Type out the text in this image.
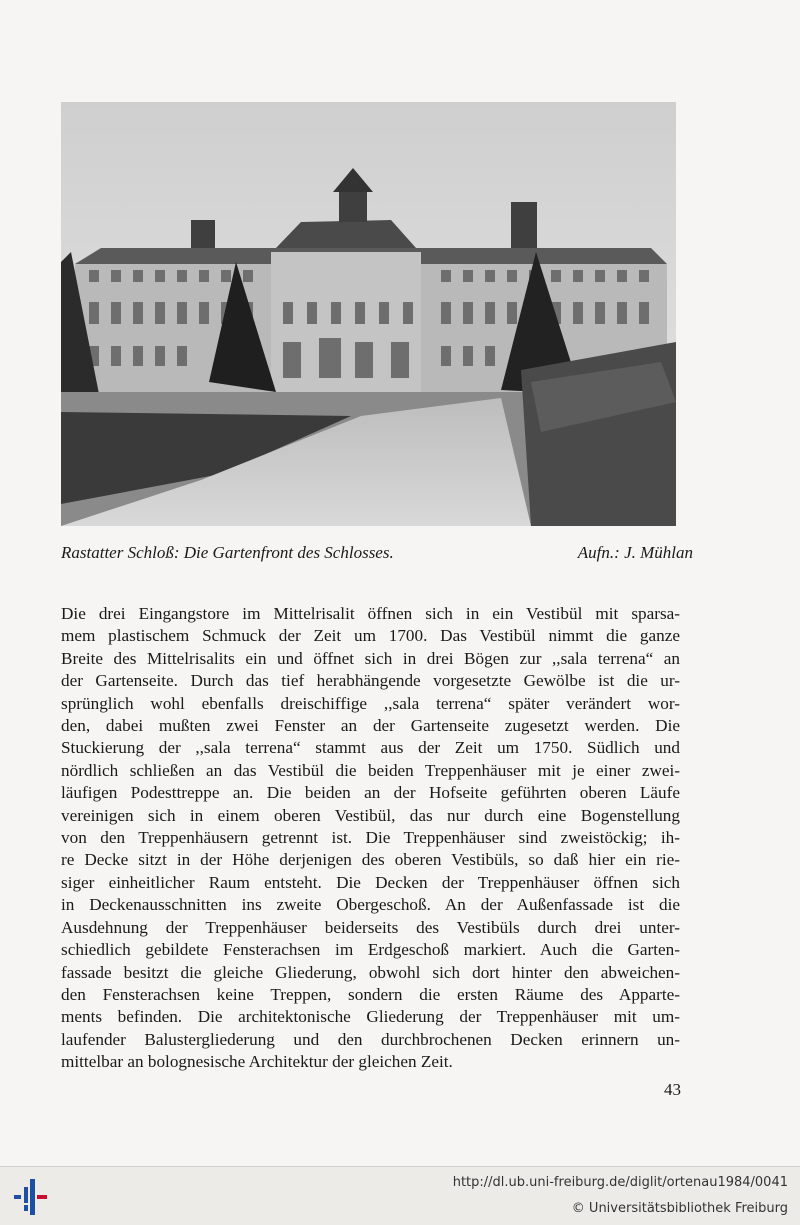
Rastatter Schloß: Die Gartenfront des Schlosses.	Aufn.: J. Mühlan
Die drei Eingangstore im Mittelrisalit öffnen sich in ein Vestibül mit sparsa-
mem plastischem Schmuck der Zeit um 1700. Das Vestibül nimmt die ganze
Breite des Mittelrisalits ein und öffnet sich in drei Bögen zur ,,sala terrena“ an
der Gartenseite. Durch das tief herabhängende vorgesetzte Gewölbe ist die ur-
sprünglich wohl ebenfalls dreischiffige ,,sala terrena“ später verändert wor-
den, dabei mußten zwei Fenster an der Gartenseite zugesetzt werden. Die
Stuckierung der ,,sala terrena“ stammt aus der Zeit um 1750. Südlich und
nördlich schließen an das Vestibül die beiden Treppenhäuser mit je einer zwei-
läufigen Podesttreppe an. Die beiden an der Hofseite geführten oberen Läufe
vereinigen sich in einem oberen Vestibül, das nur durch eine Bogenstellung
von den Treppenhäusern getrennt ist. Die Treppenhäuser sind zweistöckig; ih-
re Decke sitzt in der Höhe derjenigen des oberen Vestibüls, so daß hier ein rie-
siger einheitlicher Raum entsteht. Die Decken der Treppenhäuser öffnen sich
in Deckenausschnitten ins zweite Obergeschoß. An der Außenfassade ist die
Ausdehnung der Treppenhäuser beiderseits des Vestibüls durch drei unter-
schiedlich gebildete Fensterachsen im Erdgeschoß markiert. Auch die Garten-
fassade besitzt die gleiche Gliederung, obwohl sich dort hinter den abweichen-
den Fensterachsen keine Treppen, sondern die ersten Räume des Apparte-
ments befinden. Die architektonische Gliederung der Treppenhäuser mit um-
laufender Balustergliederung und den durchbrochenen Decken erinnern un-
mittelbar an bolognesische Architektur der gleichen Zeit.
43
http://dl.ub.uni-freiburg.de/diglit/ortenau1984/0041
© Universitätsbibliothek Freiburg
